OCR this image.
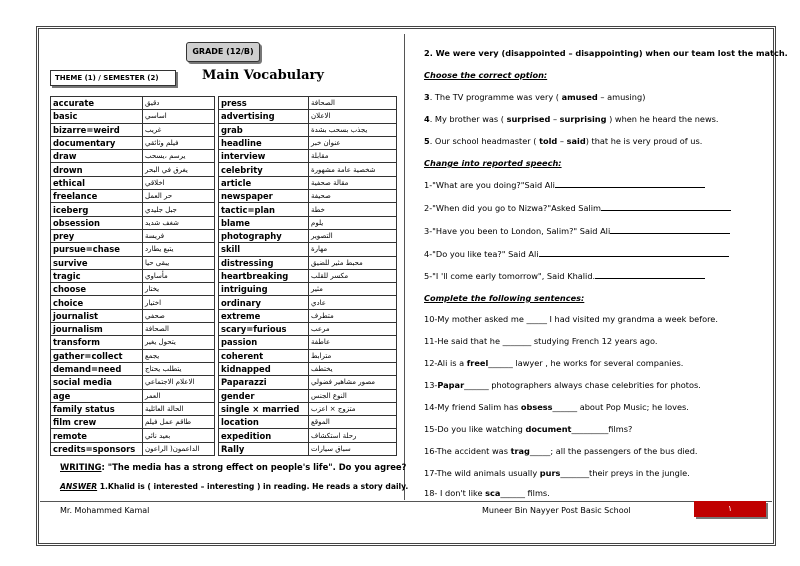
GRADE (12/B)
THEME (1) / SEMESTER (2)	Main Vocabulary
accurate	دقيق		press	الصحافة
basic	اساسي		advertising	الاعلان
bizarre=weird	غريب		grab	يجذب بسحب بشدة
documentary	فيلم وثائقي		headline	عنوان خبر
draw	يرسم ،يسحب		interview	مقابلة
drown	يغرق في البحر		celebrity	شخصية عامة مشهورة
ethical	اخلاقي		article	مقالة صحفية
freelance	حر العمل		newspaper	صحيفة
iceberg	جبل جليدي		tactic=plan	خطة
obsession	شغف شديد		blame	يلوم
prey	فريسة		photography	التصوير
pursue=chase	يتبع يطارد		skill	مهارة
survive	يبقى حيا		distressing	محبط مثير للضيق
tragic	مأساوي		heartbreaking	مكسر للقلب
choose	يختار		intriguing	مثير
choice	اختيار		ordinary	عادي
journalist	صحفي		extreme	متطرف
journalism	الصحافة		scary=furious	مرعب
transform	يتحول يغير		passion	عاطفة
gather=collect	يجمع		coherent	مترابط
demand=need	يتطلب يحتاج		kidnapped	يختطف
social media	الاعلام الاجتماعي		Paparazzi	مصور مشاهير فضولي
age	العمر		gender	النوع الجنس
family status	الحالة العائلية		single × married	متزوج × اعزب
film crew	طاقم عمل فيلم		location	الموقع
remote	بعيد نائي		expedition	رحلة استكشاف
credits=sponsors	الداعمون( الراعون		Rally	سباق سيارات
WRITING: "The media has a strong effect on people's life". Do you agree?
ANSWER 1.Khalid is ( interested – interesting ) in reading. He reads a story daily.
2. We were very (disappointed – disappointing) when our team lost the match.
Choose the correct option:
3. The TV programme was very ( amused – amusing)
4. My brother was ( surprised – surprising ) when he heard the news.
5. Our school headmaster ( told – said) that he is very proud of us.
Change into reported speech:
1-"What are you doing?"Said Ali
2-"When did you go to Nizwa?"Asked Salim
3-"Have you been to London, Salim?" Said Ali
4-"Do you like tea?" Said Ali
5-"I 'll come early tomorrow", Said Khalid.
Complete the following sentences:
10-My mother asked me _____ I had visited my grandma a week before.
11-He said that he _______ studying French 12 years ago.
12-Ali is a freel______ lawyer , he works for several companies.
13-Papar______ photographers always chase celebrities for photos.
14-My friend Salim has obsess______ about Pop Music; he loves.
15-Do you like watching document_________films?
16-The accident was trag_____; all the passengers of the bus died.
17-The wild animals usually purs_______their preys in the jungle.
18- I don't like sca______ films.
Mr. Mohammed Kamal	Muneer Bin Nayyer Post Basic School	١
